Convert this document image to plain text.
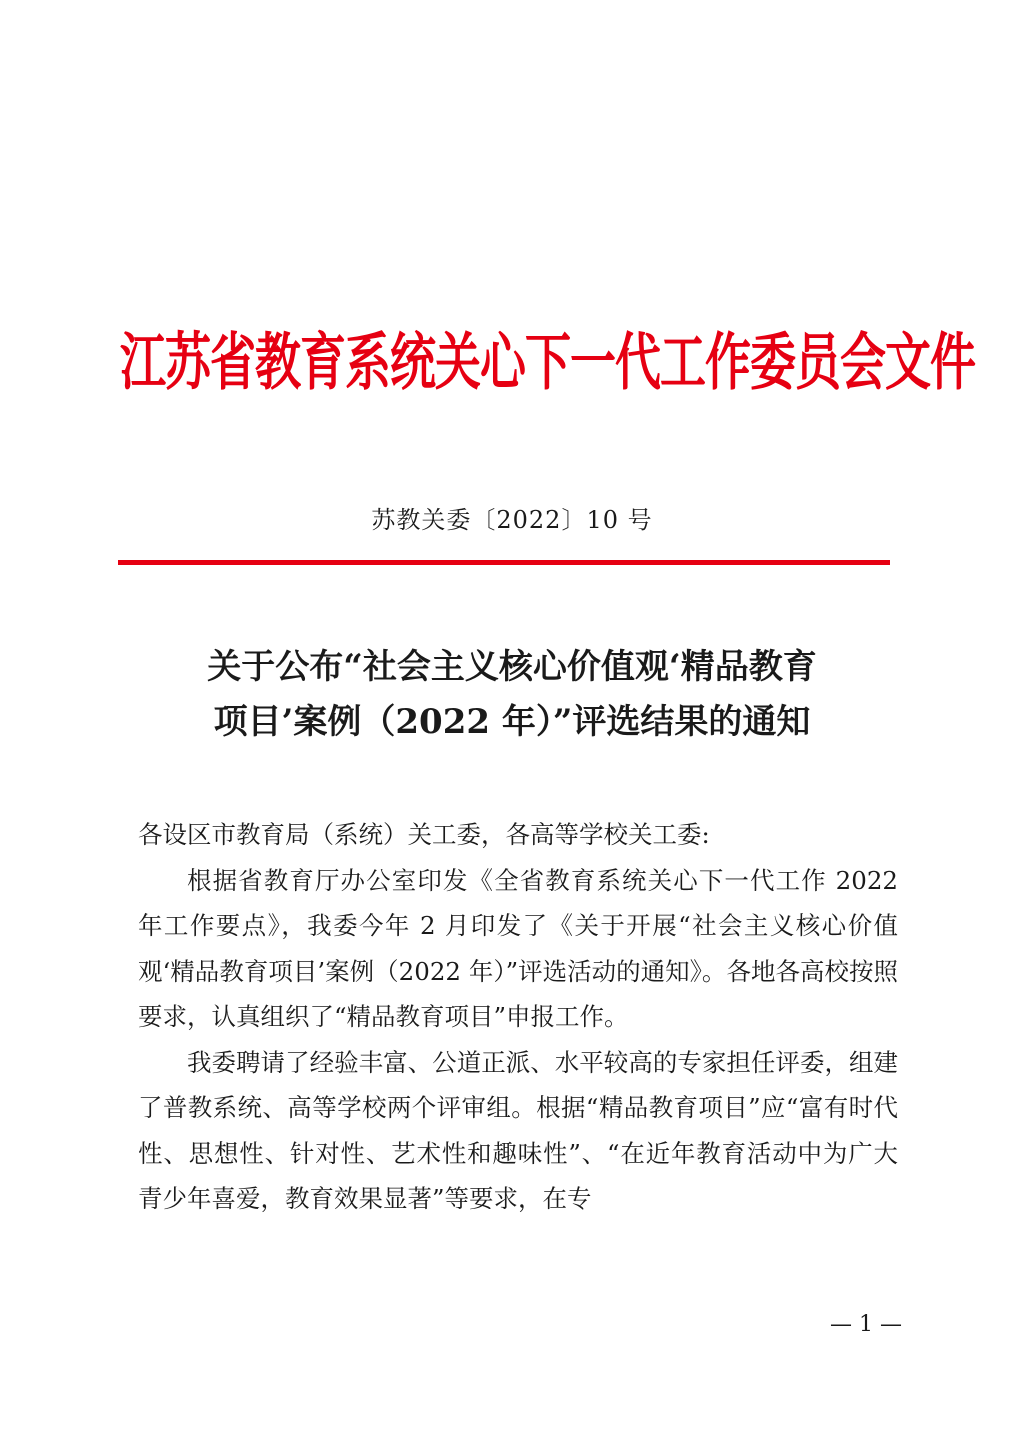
江苏省教育系统关心下一代工作委员会文件
苏教关委〔2022〕10 号
关于公布“社会主义核心价值观‘精品教育
项目’案例（2022 年）”评选结果的通知

各设区市教育局（系统）关工委，各高等学校关工委:

根据省教育厅办公室印发《全省教育系统关心下一代工作 2022 年工作要点》，我委今年 2 月印发了《关于开展“社会主义核心价值观‘精品教育项目’案例（2022 年）”评选活动的通知》。各地各高校按照要求，认真组织了“精品教育项目”申报工作。

我委聘请了经验丰富、公道正派、水平较高的专家担任评委，组建了普教系统、高等学校两个评审组。根据“精品教育项目”应“富有时代性、思想性、针对性、艺术性和趣味性”、“在近年教育活动中为广大青少年喜爱，教育效果显著”等要求，在专

— 1 —
